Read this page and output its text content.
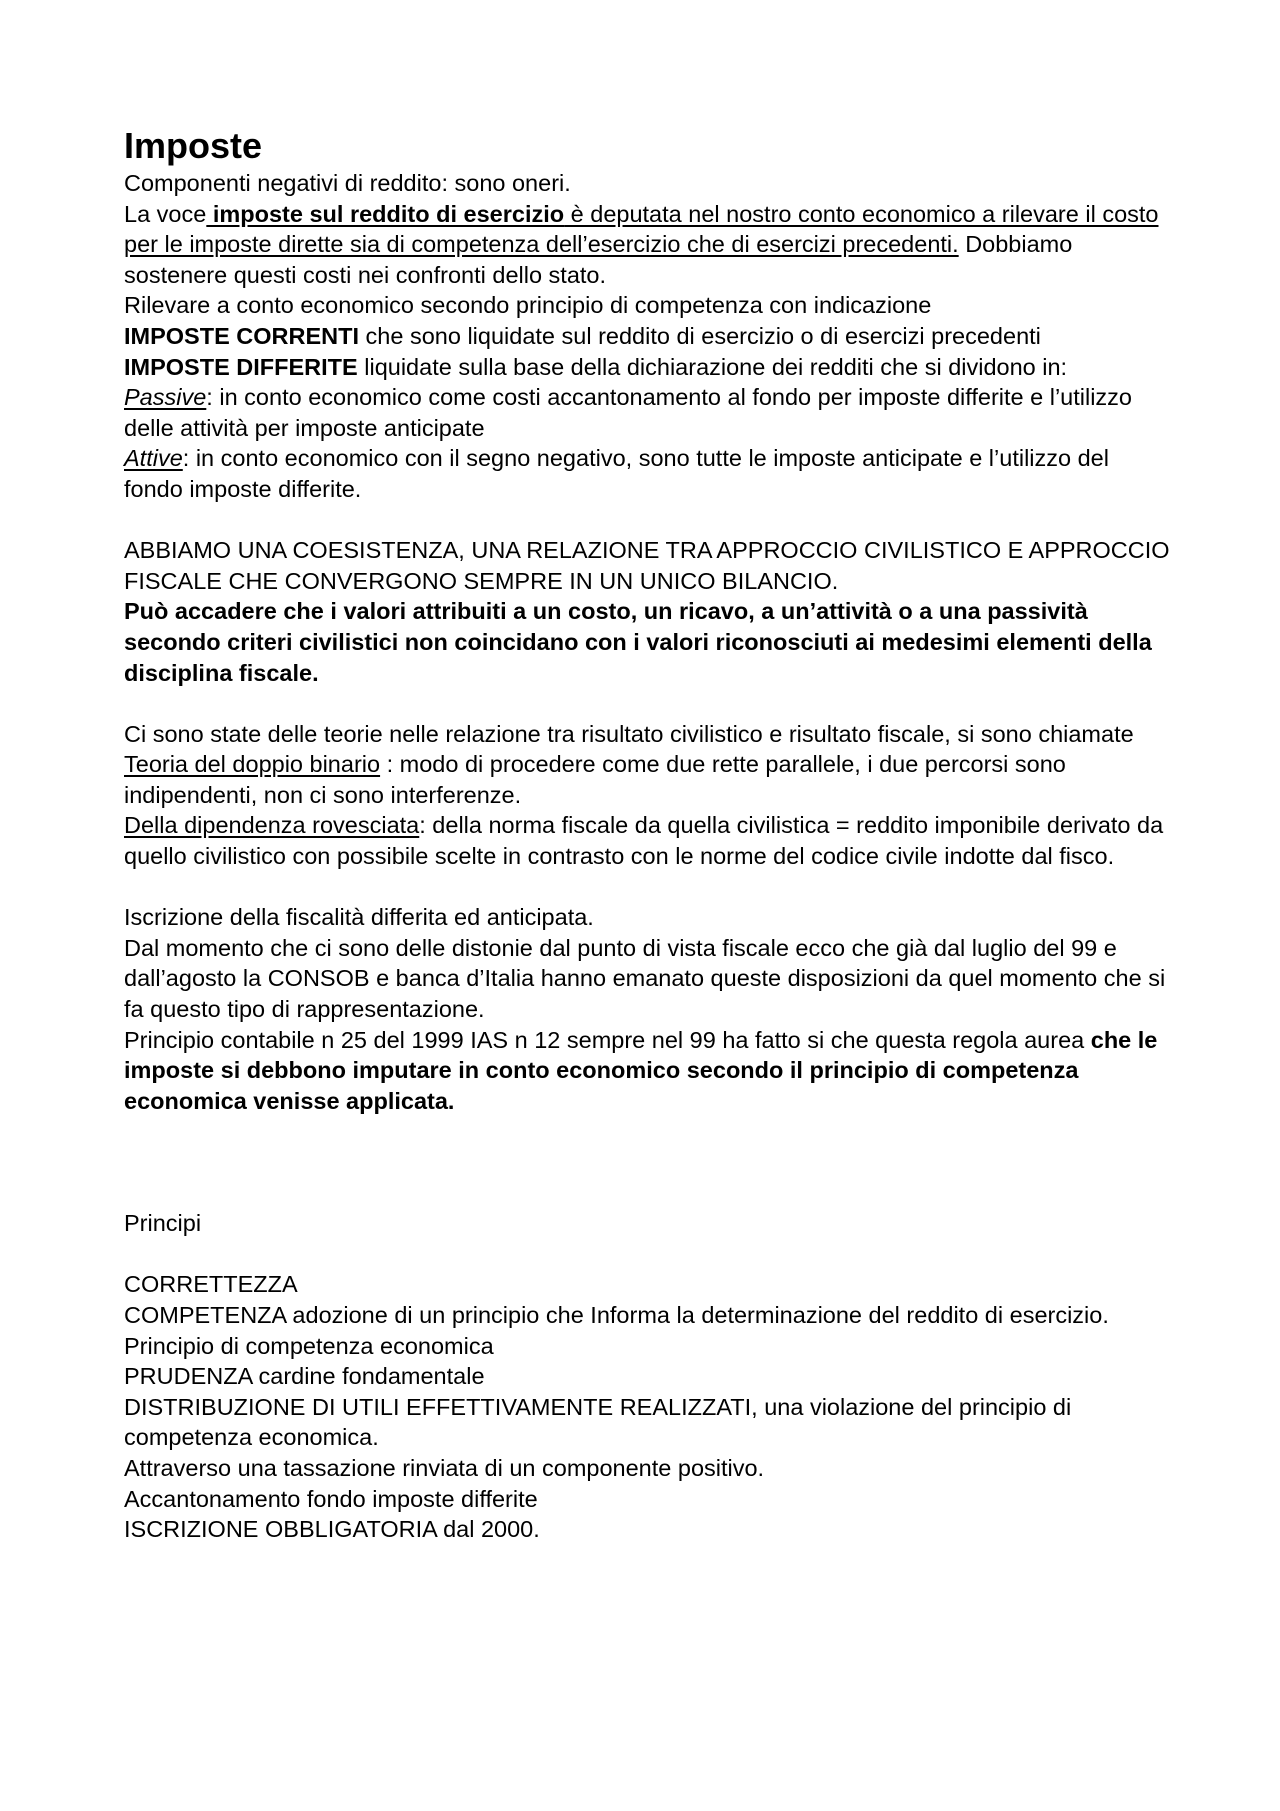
Imposte

Componenti negativi di reddito: sono oneri.

La voce imposte sul reddito di esercizio è deputata nel nostro conto economico a rilevare il costo per le imposte dirette sia di competenza dell’esercizio che di esercizi precedenti. Dobbiamo sostenere questi costi nei confronti dello stato.

Rilevare a conto economico secondo principio di competenza con indicazione

IMPOSTE CORRENTI che sono liquidate sul reddito di esercizio o di esercizi precedenti

IMPOSTE DIFFERITE liquidate sulla base della dichiarazione dei redditi che si dividono in:

Passive: in conto economico come costi accantonamento al fondo per imposte differite e l’utilizzo delle attività per imposte anticipate

Attive: in conto economico con il segno negativo, sono tutte le imposte anticipate e l’utilizzo del fondo imposte differite.

ABBIAMO UNA COESISTENZA, UNA RELAZIONE TRA APPROCCIO CIVILISTICO E APPROCCIO FISCALE CHE CONVERGONO SEMPRE IN UN UNICO BILANCIO.

Può accadere che i valori attribuiti a un costo, un ricavo, a un’attività o a una passività secondo criteri civilistici non coincidano con i valori riconosciuti ai medesimi elementi della disciplina fiscale.

Ci sono state delle teorie nelle relazione tra risultato civilistico e risultato fiscale, si sono chiamate

Teoria del doppio binario : modo di procedere come due rette parallele, i due percorsi sono indipendenti, non ci sono interferenze.

Della dipendenza rovesciata: della norma fiscale da quella civilistica = reddito imponibile derivato da quello civilistico con possibile scelte in contrasto con le norme del codice civile indotte dal fisco.

Iscrizione della fiscalità differita ed anticipata.

Dal momento che ci sono delle distonie dal punto di vista fiscale ecco che già dal luglio del 99 e dall’agosto la CONSOB e banca d’Italia hanno emanato queste disposizioni da quel momento che si fa questo tipo di rappresentazione.

Principio contabile n 25 del 1999 IAS n 12 sempre nel 99 ha fatto si che questa regola aurea che le imposte si debbono imputare in conto economico secondo il principio di competenza economica venisse applicata.

Principi

CORRETTEZZA

COMPETENZA adozione di un principio che Informa la determinazione del reddito di esercizio. Principio di competenza economica

PRUDENZA cardine fondamentale

DISTRIBUZIONE DI UTILI EFFETTIVAMENTE REALIZZATI, una violazione del principio di competenza economica.

Attraverso una tassazione rinviata di un componente positivo.

Accantonamento fondo imposte differite

ISCRIZIONE OBBLIGATORIA dal 2000.
